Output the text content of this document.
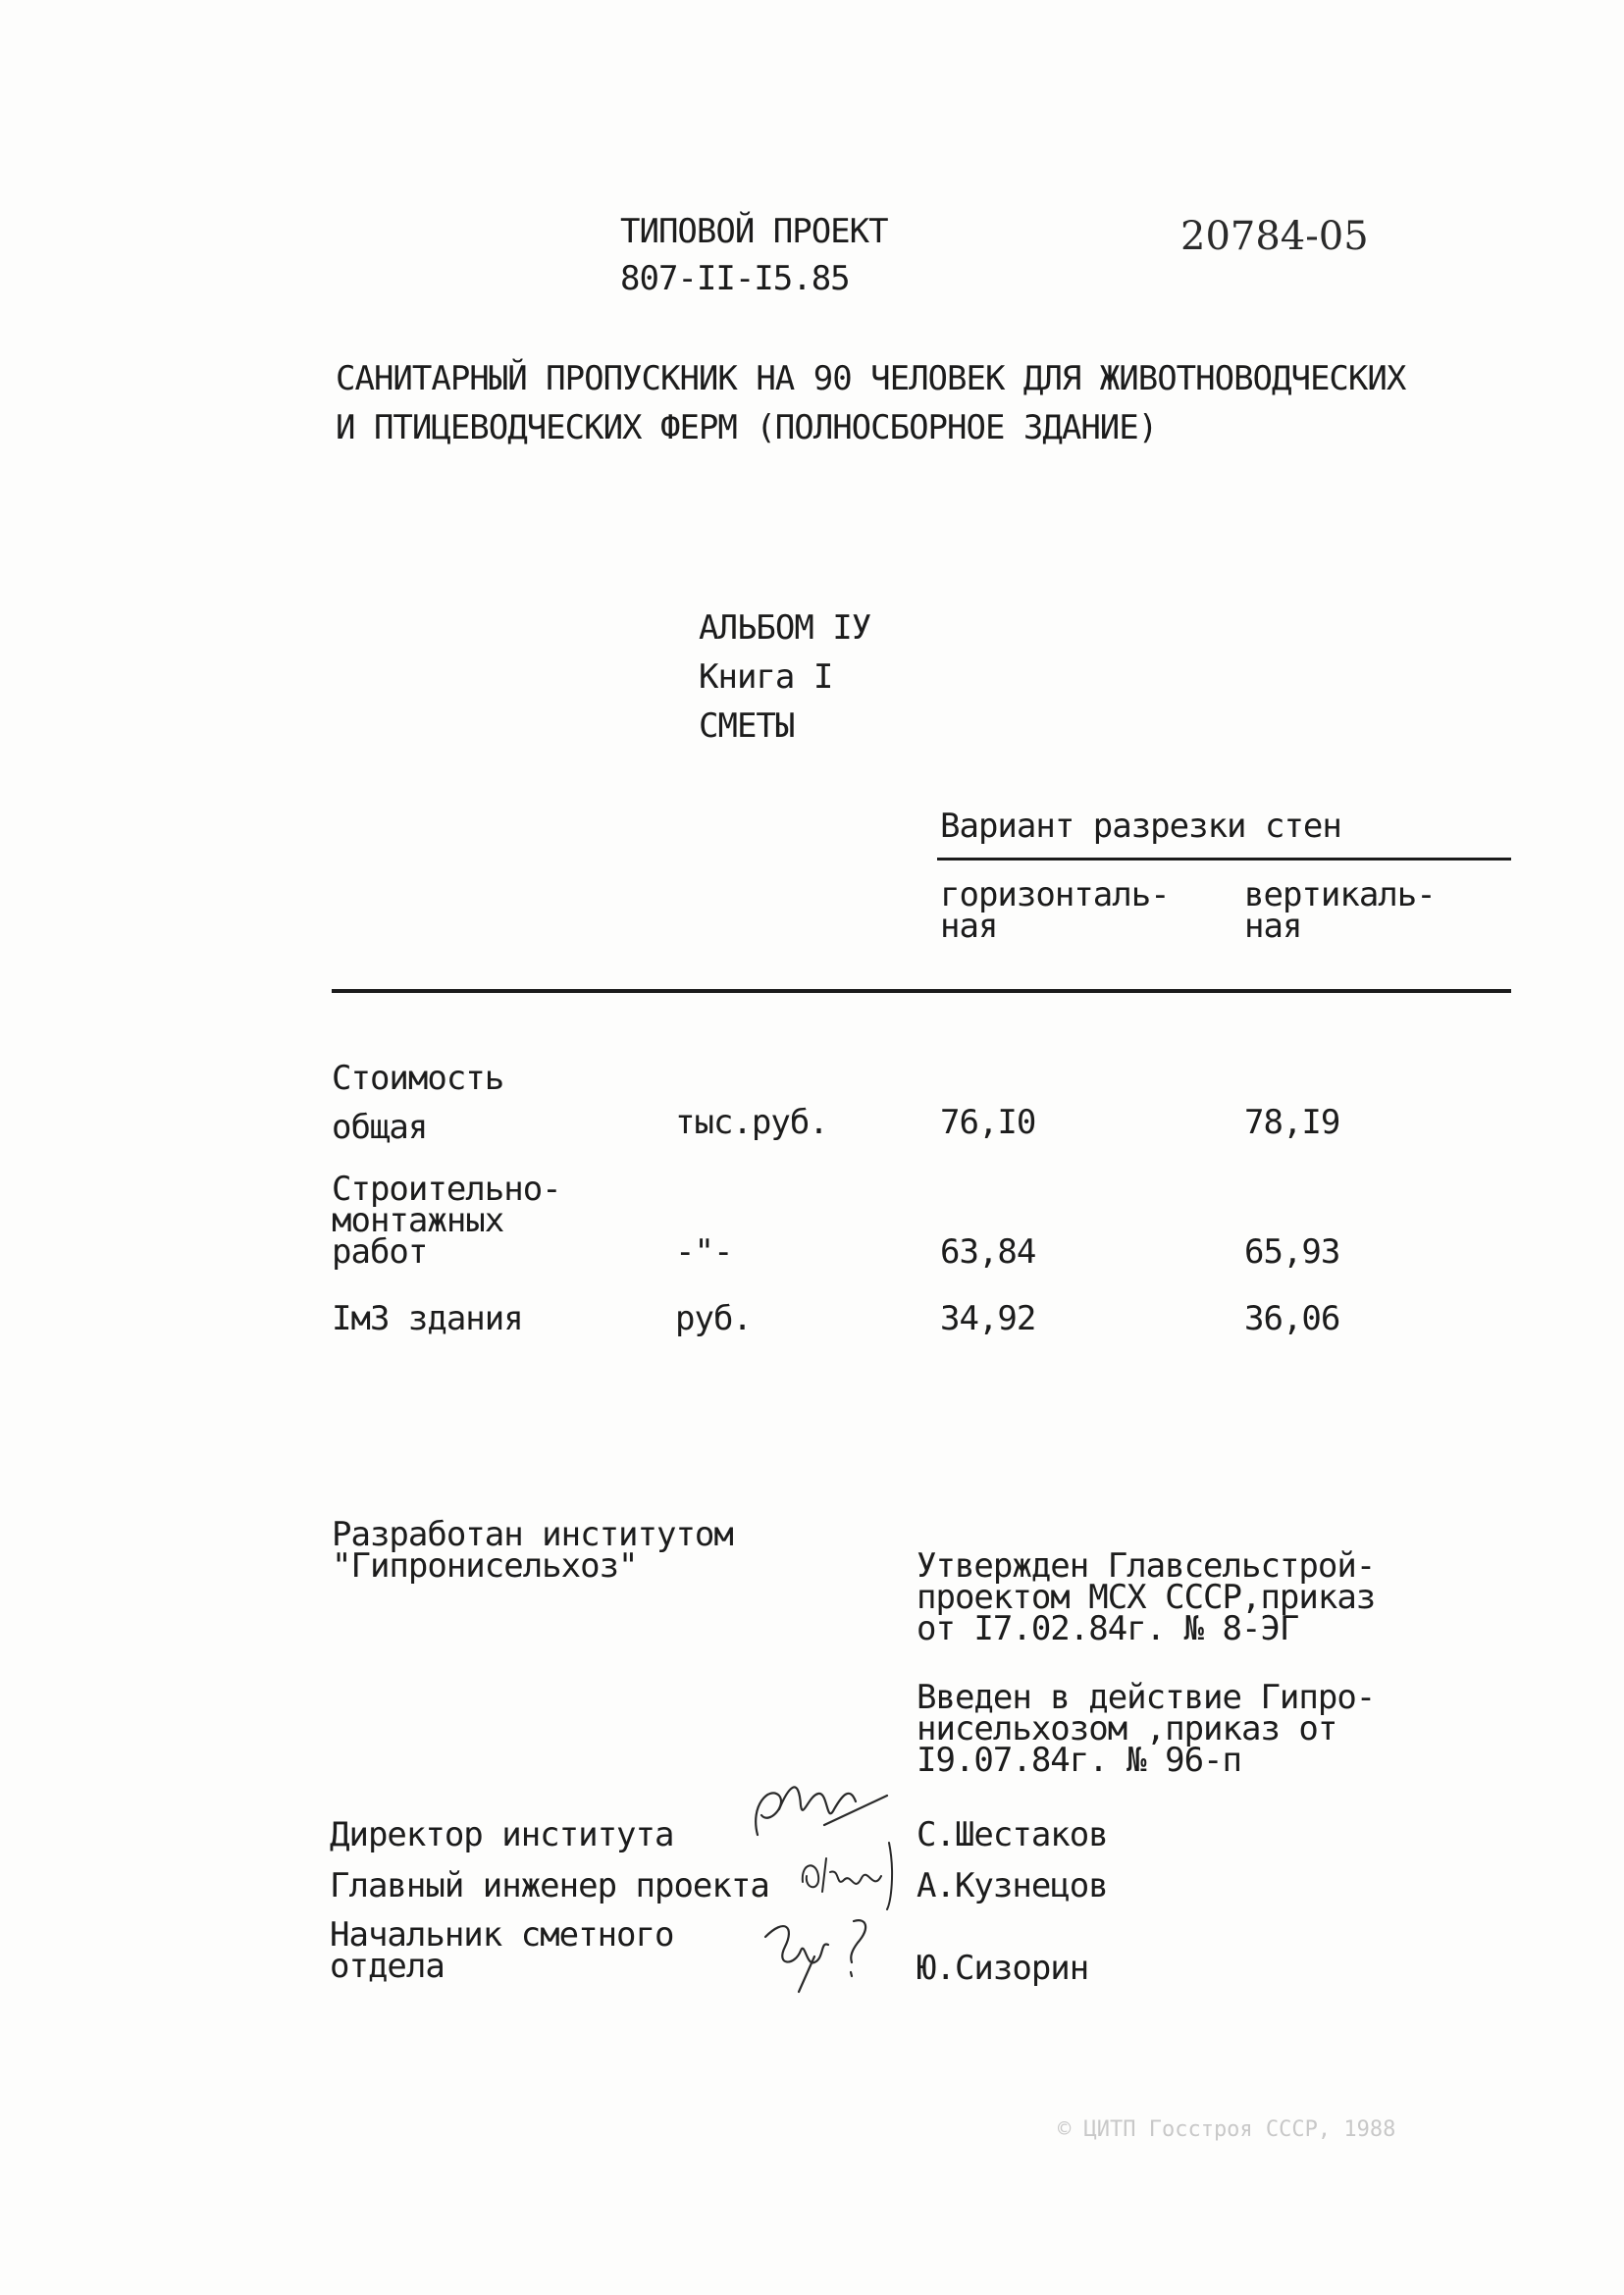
ТИПОВОЙ ПРОЕКТ
807-II-I5.85
20784-05
САНИТАРНЫЙ ПРОПУСКНИК НА 90 ЧЕЛОВЕК ДЛЯ ЖИВОТНОВОДЧЕСКИХ
И ПТИЦЕВОДЧЕСКИХ ФЕРМ (ПОЛНОСБОРНОЕ ЗДАНИЕ)
АЛЬБОМ IУ
Книга I
СМЕТЫ
Вариант разрезки стен
горизонталь-
ная
вертикаль-
ная
Стоимость
общая	тыс.руб.	76,I0	78,I9
Строительно-
монтажных
работ	-"-	63,84	65,93
Iм3 здания	руб.	34,92	36,06
Разработан институтом
"Гипронисельхоз"	Утвержден Главсельстрой-
проектом МСХ СССР,приказ
от I7.02.84г. № 8-ЭГ
Введен в действие Гипро-
нисельхозом ,приказ от
I9.07.84г. № 96-п
Директор института	С.Шестаков
Главный инженер проекта	А.Кузнецов
Начальник сметного
отдела	Ю.Сизорин
© ЦИТП Госстроя СССР, 1988
